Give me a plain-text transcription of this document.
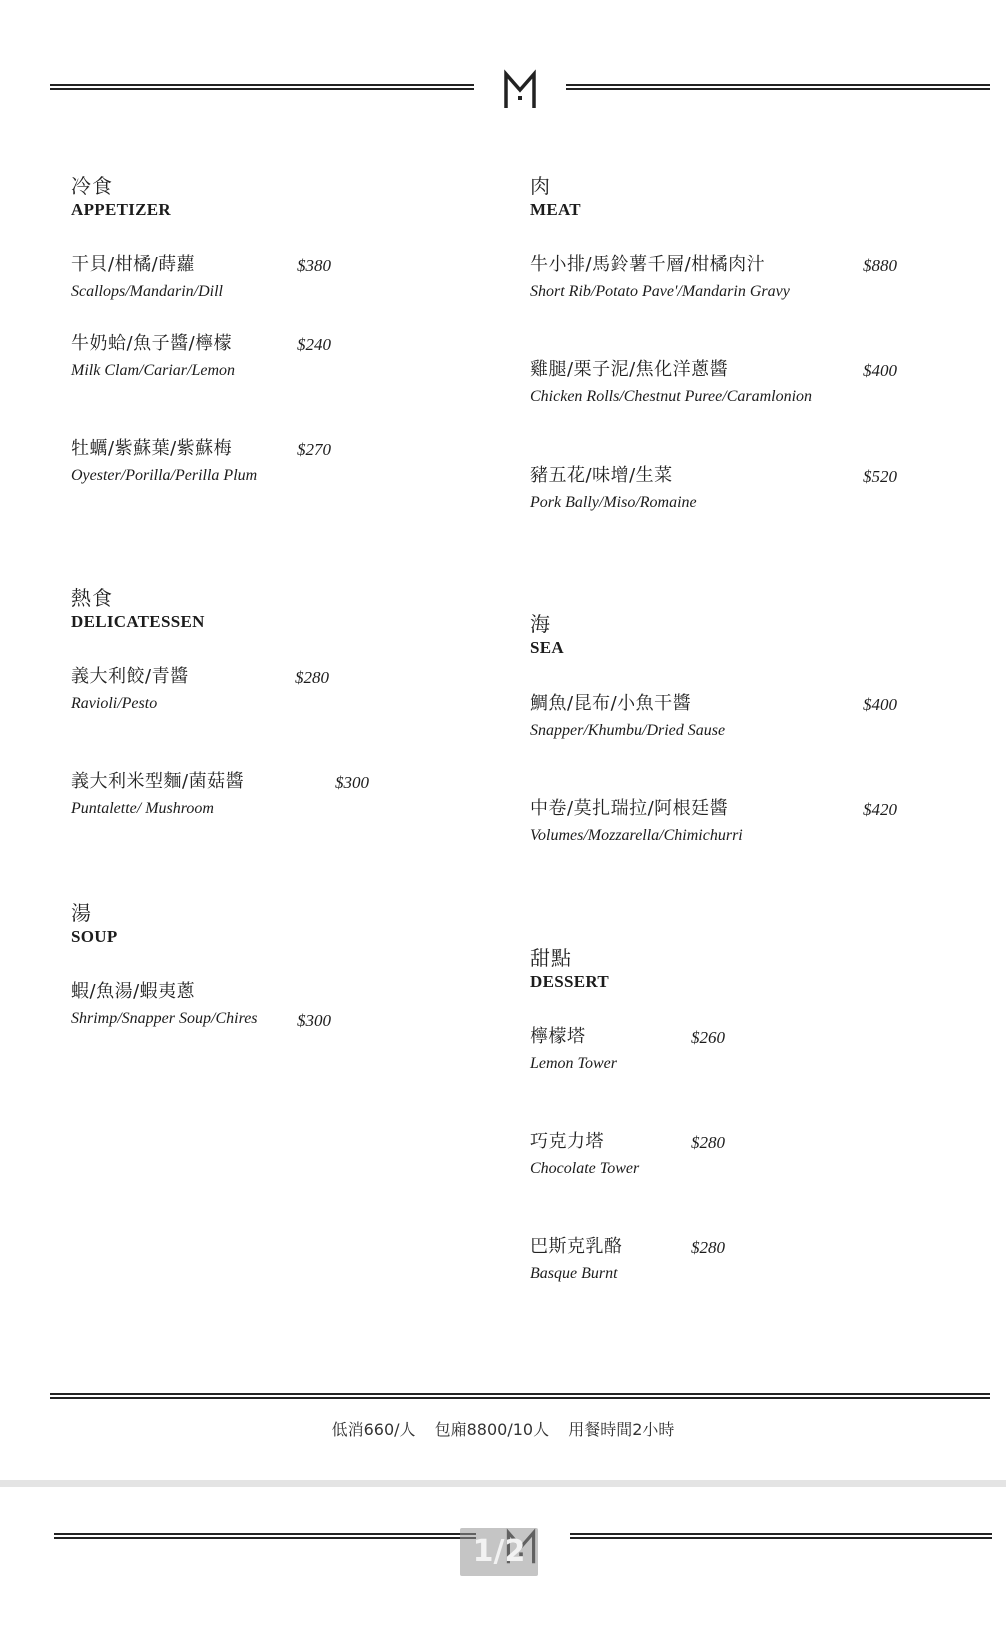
冷食
APPETIZER
干貝/柑橘/蒔蘿
Scallops/Mandarin/Dill
$380
牛奶蛤/魚子醬/檸檬
Milk Clam/Cariar/Lemon
$240
牡蠣/紫蘇葉/紫蘇梅
Oyester/Porilla/Perilla Plum
$270
熱食
DELICATESSEN
義大利餃/青醬
Ravioli/Pesto
$280
義大利米型麵/菌菇醬
Puntalette/ Mushroom
$300
湯
SOUP
蝦/魚湯/蝦夷蔥
Shrimp/Snapper Soup/Chires $300
肉
MEAT
牛小排/馬鈴薯千層/柑橘肉汁
Short Rib/Potato Pave'/Mandarin Gravy
$880
雞腿/栗子泥/焦化洋蔥醬
Chicken Rolls/Chestnut Puree/Caramlonion
$400
豬五花/味增/生菜
Pork Bally/Miso/Romaine
$520
海
SEA
鯛魚/昆布/小魚干醬
Snapper/Khumbu/Dried Sause
$400
中卷/莫扎瑞拉/阿根廷醬
Volumes/Mozzarella/Chimichurri
$420
甜點
DESSERT
檸檬塔
Lemon Tower
$260
巧克力塔
Chocolate Tower
$280
巴斯克乳酪
Basque Burnt
$280
低消660/人 包廂8800/10人 用餐時間2小時
1/2
